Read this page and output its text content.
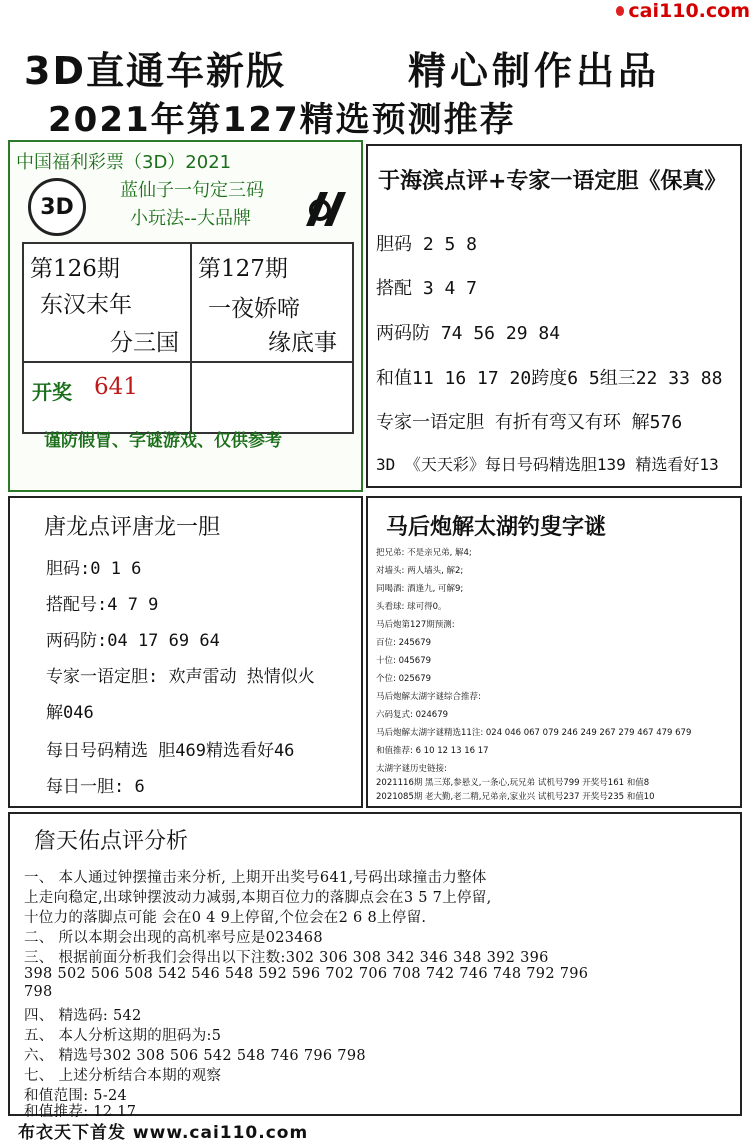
cai110.com
3D直通车新版	精心制作出品
2021年第127精选预测推荐
中国福利彩票（3D）2021
3D
蓝仙子一句定三码
小玩法--大品牌
第126期
东汉末年
分三国
第127期
一夜娇啼
缘底事
开奖 641
谨防假冒、字谜游戏、仅供参考
于海滨点评+专家一语定胆《保真》
胆码 2 5 8
搭配 3 4 7
两码防 74 56 29 84
和值11 16 17 20跨度6 5组三22 33 88
专家一语定胆 有折有弯又有环 解576
3D 《天天彩》每日号码精选胆139 精选看好13
唐龙点评唐龙一胆
胆码:0 1 6
搭配号:4 7 9
两码防:04 17 69 64
专家一语定胆: 欢声雷动 热情似火
解046
每日号码精选 胆469精选看好46
每日一胆: 6
马后炮解太湖钓叟字谜
把兄弟: 不是亲兄弟, 解4;
对墙头: 两人墙头, 解2;
同喝酒: 酒逢九, 可解9;
头看球: 球可得0。
马后炮第127期预测:
百位: 245679
十位: 045679
个位: 025679
马后炮解太湖字谜综合推荐:
六码复式: 024679
马后炮解太湖字谜精选11注: 024 046 067 079 246 249 267 279 467 479 679
和值推荐: 6 10 12 13 16 17
太湖字谜历史链接:
2021116期 黑三郑,参悬义,一条心,玩兄弟 试机号799 开奖号161 和值8
2021085期 老大勤,老二精,兄弟亲,家业兴 试机号237 开奖号235 和值10
詹天佑点评分析
一、 本人通过钟摆撞击来分析, 上期开出奖号641,号码出球撞击力整体
上走向稳定,出球钟摆波动力减弱,本期百位力的落脚点会在3 5 7上停留,
十位力的落脚点可能 会在0 4 9上停留,个位会在2 6 8上停留.
二、 所以本期会出现的高机率号应是023468
三、 根据前面分析我们会得出以下注数:302 306 308 342 346 348 392 396
398 502 506 508 542 546 548 592 596 702 706 708 742 746 748 792 796
798
四、 精选码: 542
五、 本人分析这期的胆码为:5
六、 精选号302 308 506 542 548 746 796 798
七、 上述分析结合本期的观察
和值范围: 5-24
和值推荐: 12 17
布衣天下首发 www.cai110.com
